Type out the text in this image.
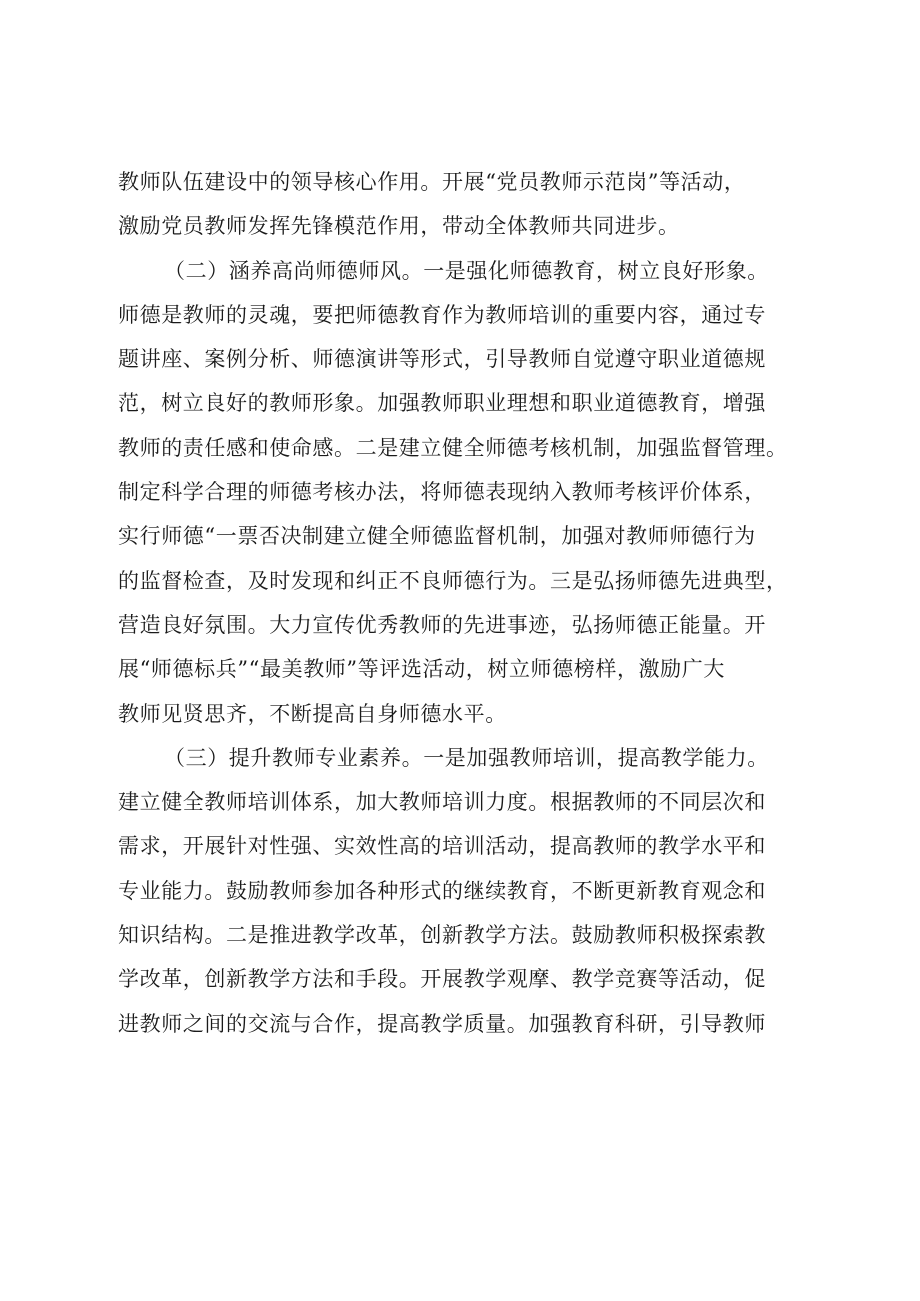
教师队伍建设中的领导核心作用。开展“党员教师示范岗”等活动，
激励党员教师发挥先锋模范作用，带动全体教师共同进步。
（二）涵养高尚师德师风。一是强化师德教育，树立良好形象。
师德是教师的灵魂，要把师德教育作为教师培训的重要内容，通过专
题讲座、案例分析、师德演讲等形式，引导教师自觉遵守职业道德规
范，树立良好的教师形象。加强教师职业理想和职业道德教育，增强
教师的责任感和使命感。二是建立健全师德考核机制，加强监督管理。
制定科学合理的师德考核办法，将师德表现纳入教师考核评价体系，
实行师德“一票否决制建立健全师德监督机制，加强对教师师德行为
的监督检查，及时发现和纠正不良师德行为。三是弘扬师德先进典型，
营造良好氛围。大力宣传优秀教师的先进事迹，弘扬师德正能量。开
展“师德标兵”“最美教师”等评选活动，树立师德榜样，激励广大
教师见贤思齐，不断提高自身师德水平。
（三）提升教师专业素养。一是加强教师培训，提高教学能力。
建立健全教师培训体系，加大教师培训力度。根据教师的不同层次和
需求，开展针对性强、实效性高的培训活动，提高教师的教学水平和
专业能力。鼓励教师参加各种形式的继续教育，不断更新教育观念和
知识结构。二是推进教学改革，创新教学方法。鼓励教师积极探索教
学改革，创新教学方法和手段。开展教学观摩、教学竞赛等活动，促
进教师之间的交流与合作，提高教学质量。加强教育科研，引导教师
